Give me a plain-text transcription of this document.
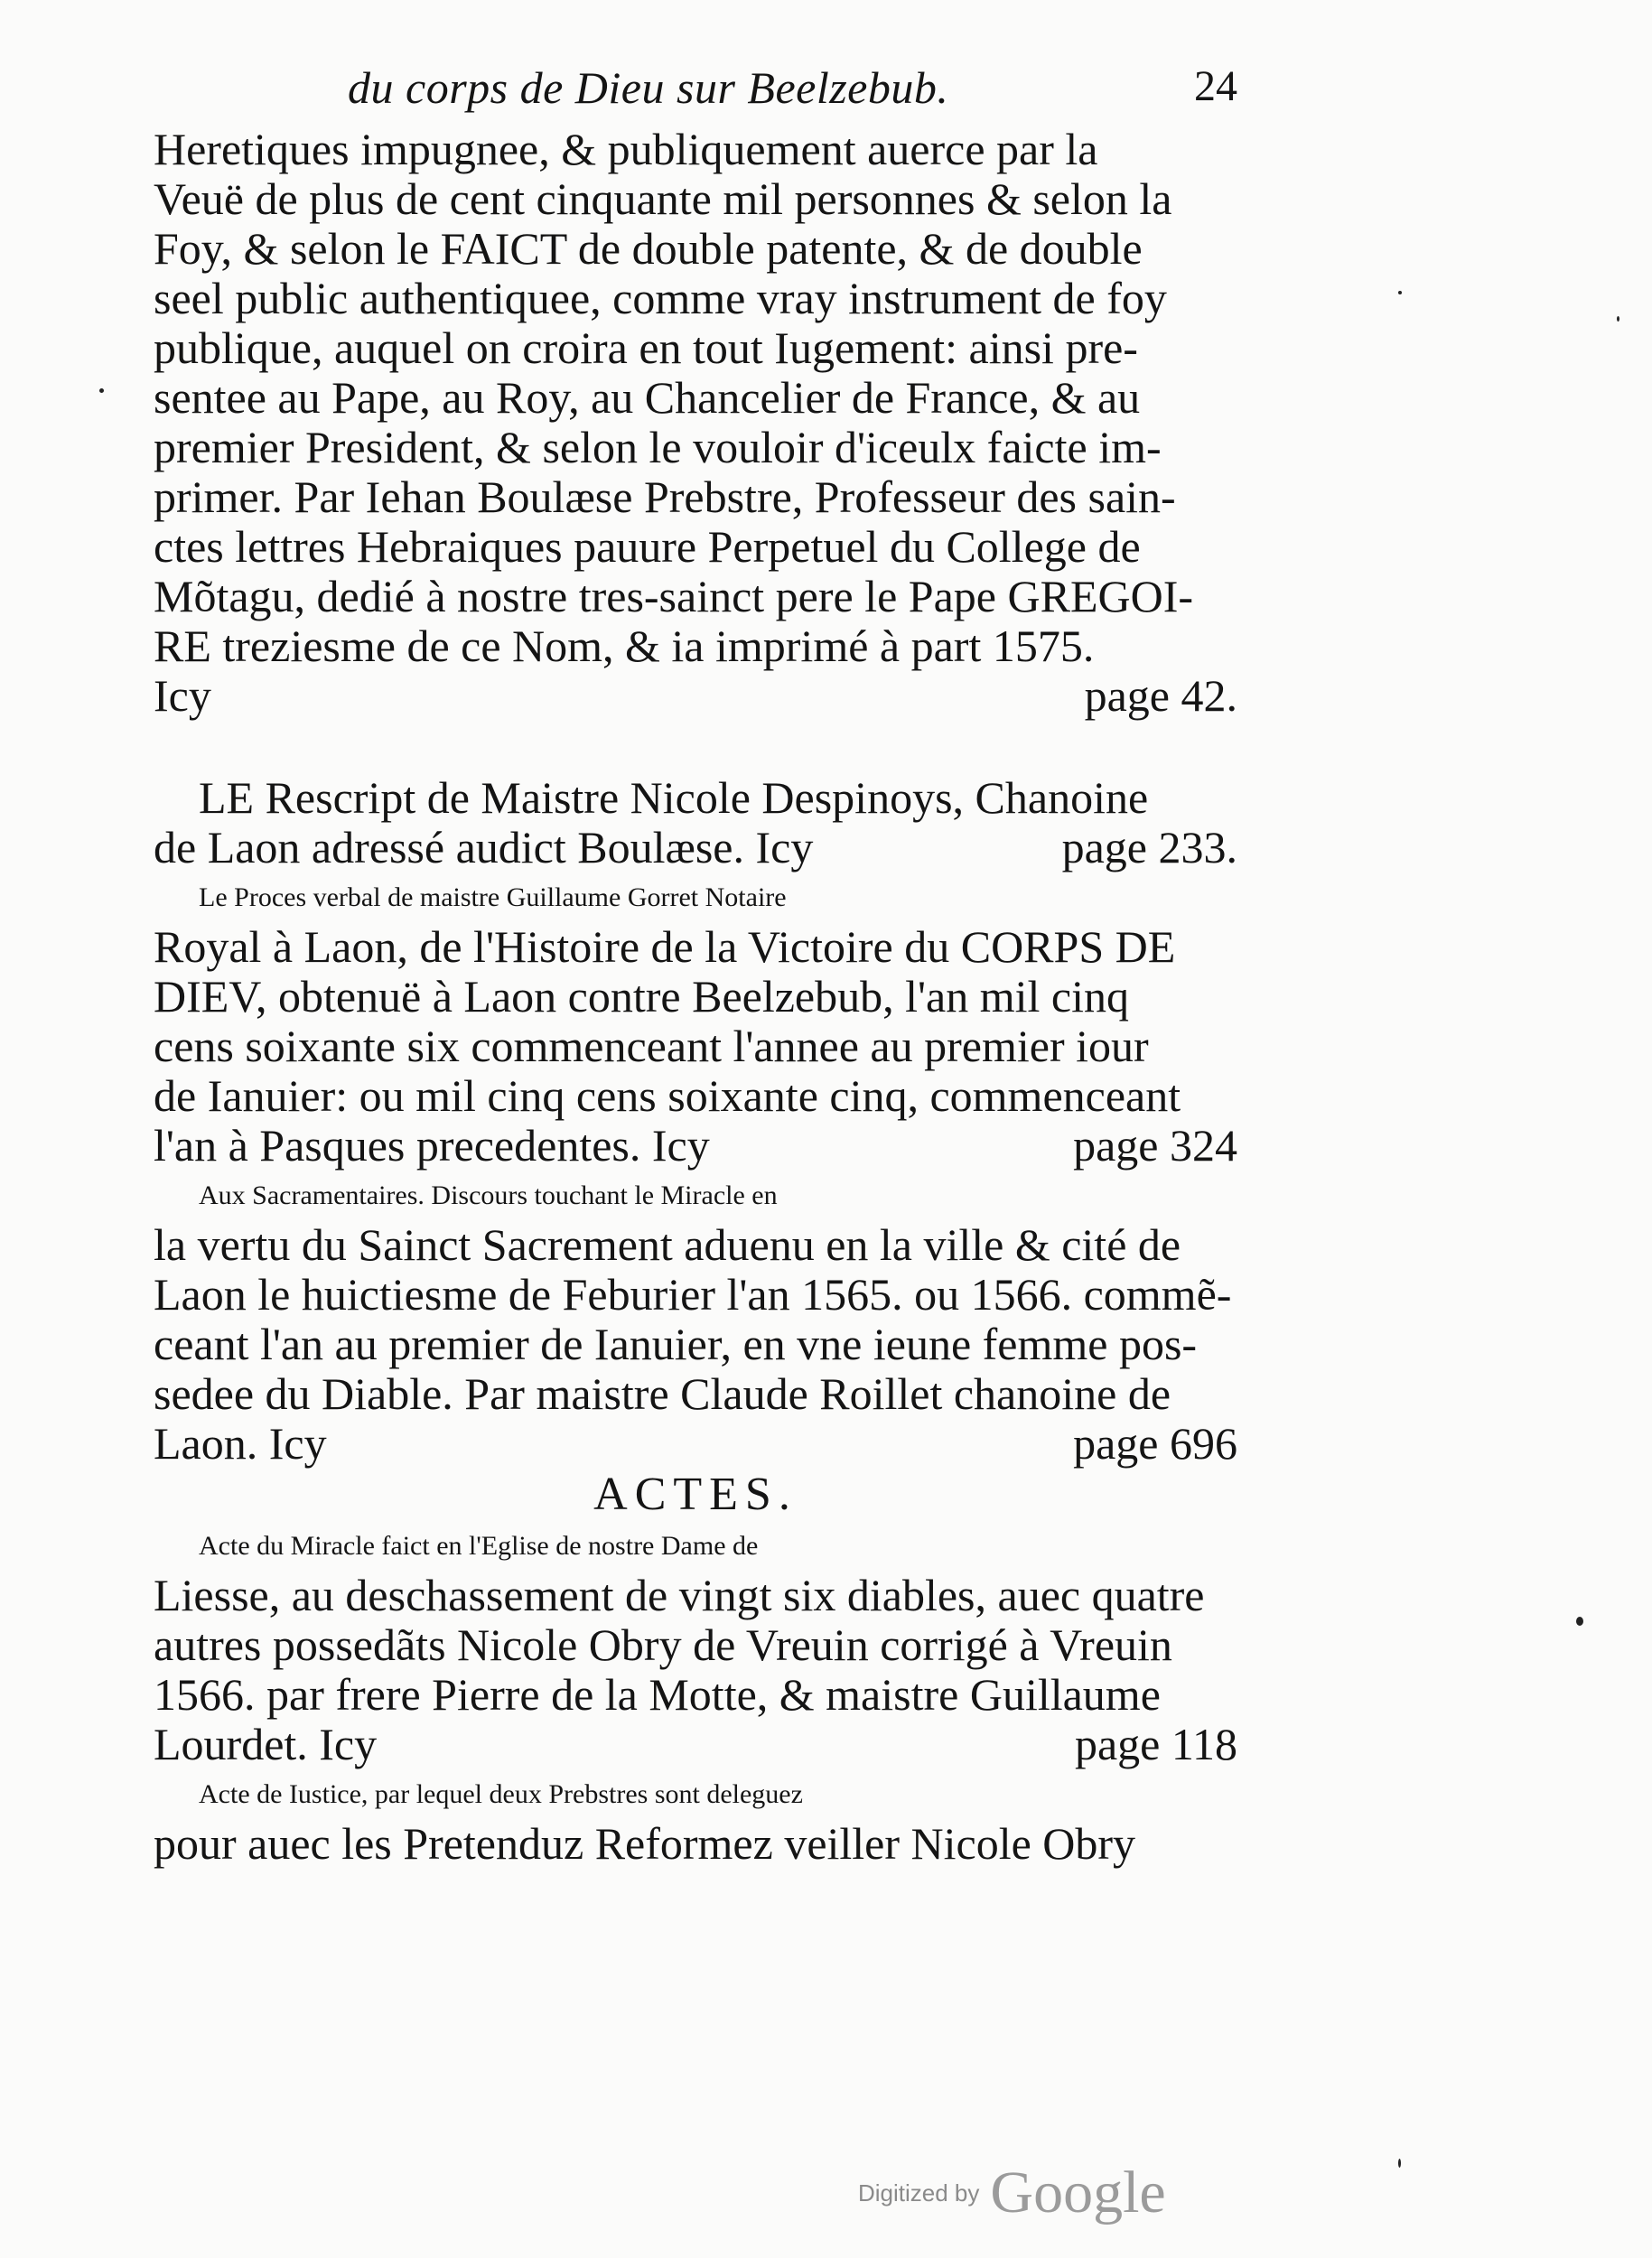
du corps de Dieu sur Beelzebub.	24
Heretiques impugnee, & publiquement auerce par la
Veuë de plus de cent cinquante mil personnes & selon la
Foy, & selon le FAICT de double patente, & de double
seel public authentiquee, comme vray instrument de foy
publique, auquel on croira en tout Iugement: ainsi pre-
sentee au Pape, au Roy, au Chancelier de France, & au
premier President, & selon le vouloir d'iceulx faicte im-
primer. Par Iehan Boulæse Prebstre, Professeur des sain-
ctes lettres Hebraiques pauure Perpetuel du College de
Mõtagu, dedié à nostre tres-sainct pere le Pape GREGOI-
RE treziesme de ce Nom, & ia imprimé à part 1575.
Icy	page 42.
LE Rescript de Maistre Nicole Despinoys, Chanoine
de Laon adressé audict Boulæse. Icy	page 233.
Le Proces verbal de maistre Guillaume Gorret Notaire
Royal à Laon, de l'Histoire de la Victoire du CORPS DE
DIEV, obtenuë à Laon contre Beelzebub, l'an mil cinq
cens soixante six commenceant l'annee au premier iour
de Ianuier: ou mil cinq cens soixante cinq, commenceant
l'an à Pasques precedentes. Icy	page 324
Aux Sacramentaires. Discours touchant le Miracle en
la vertu du Sainct Sacrement aduenu en la ville & cité de
Laon le huictiesme de Feburier l'an 1565. ou 1566. commẽ-
ceant l'an au premier de Ianuier, en vne ieune femme pos-
sedee du Diable. Par maistre Claude Roillet chanoine de
Laon. Icy	page 696
ACTES.
Acte du Miracle faict en l'Eglise de nostre Dame de
Liesse, au deschassement de vingt six diables, auec quatre
autres possedãts Nicole Obry de Vreuin corrigé à Vreuin
1566. par frere Pierre de la Motte, & maistre Guillaume
Lourdet. Icy	page 118
Acte de Iustice, par lequel deux Prebstres sont deleguez
pour auec les Pretenduz Reformez veiller Nicole Obry
Digitized by Google
